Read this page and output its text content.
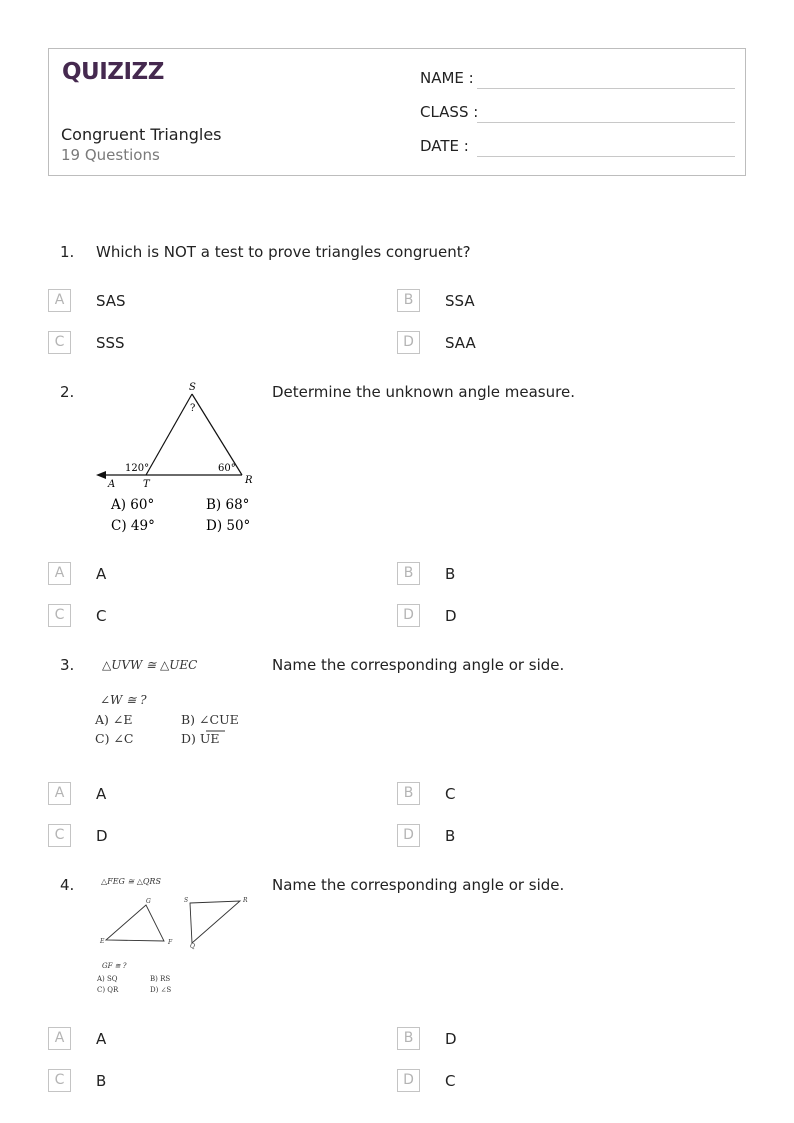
QUIZIZZ
Congruent Triangles
19 Questions
NAME :
CLASS :
DATE :
1. Which is NOT a test to prove triangles congruent?
A	SAS	B	SSA
C	SSS	D	SAA
2.	Determine the unknown angle measure.
S
?
120°	60°
A	T	R
A) 60°	B) 68°
C) 49°	D) 50°
A	A	B	B
C	C	D	D
3.	Name the corresponding angle or side.
△UVW ≅ △UEC
∠W ≅ ?
A) ∠E	B) ∠CUE
C) ∠C	D) UE
A	A	B	C
C	D	D	B
4.	Name the corresponding angle or side.
△FEG ≅ △QRS
G
E	F
S	R
Q
GF ≅ ?
A) SQ	B) RS
C) QR	D) ∠S
A	A	B	D
C	B	D	C
